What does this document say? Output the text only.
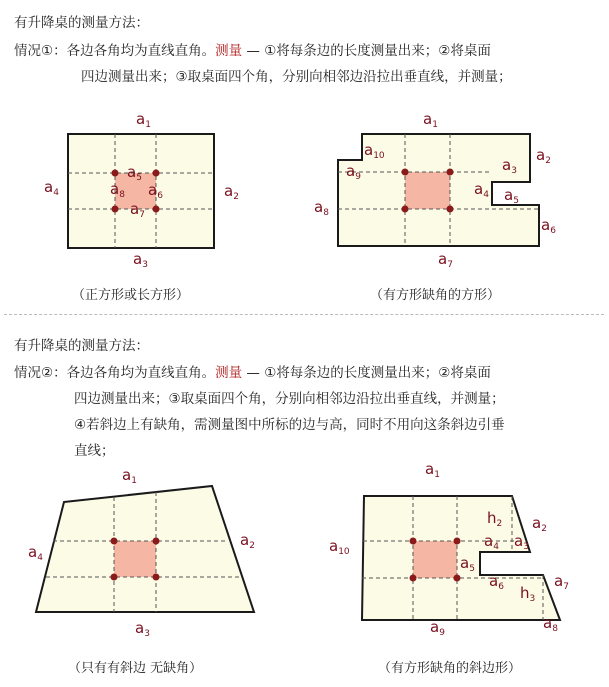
有升降桌的测量方法：

情况①：各边各角均为直线直角。测量 — ①将每条边的长度测量出来；②将桌面

四边测量出来；③取桌面四个角，分别向相邻边沿拉出垂直线，并测量；

有升降桌的测量方法：

情况②：各边各角均为直线直角。测量 — ①将每条边的长度测量出来；②将桌面

四边测量出来；③取桌面四个角，分别向相邻边沿拉出垂直线，并测量；

④若斜边上有缺角，需测量图中所标的边与高，同时不用向这条斜边引垂

直线；

$a_1$
$a_2$
$a_3$
$a_4$
$a_5$
$a_6$
$a_7$
$a_8$
（正方形或长方形）
$a_1$
$a_2$
$a_3$
$a_4$ $a_5$
$a_6$
$a_7$
$a_8$
$a_9$
$a_{10}$
（有方形缺角的方形）
$a_1$
$a_2$
$a_3$
$a_4$
（只有有斜边 无缺角）
$a_1$
$a_2$
$a_3$
$a_4$
$a_5$
$a_6$	$a_7$
$a_8$
$a_9$
$a_{10}$
$h_2$
$h_3$
（有方形缺角的斜边形）
